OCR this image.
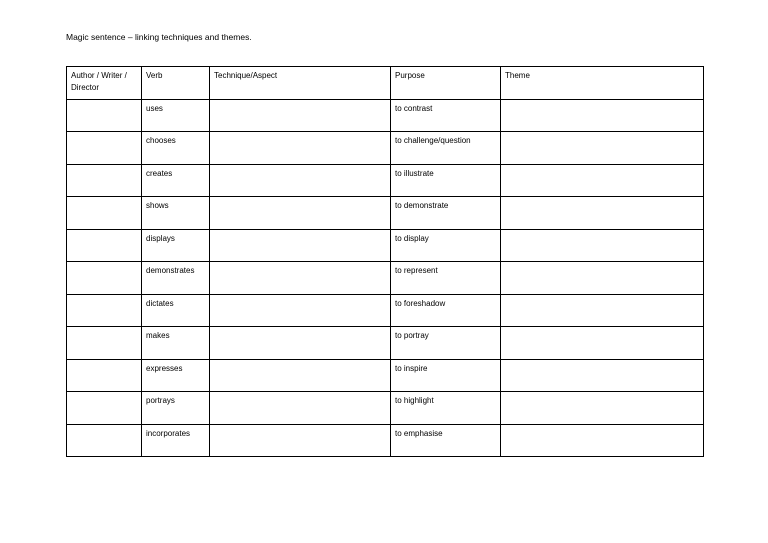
Magic sentence – linking techniques and themes.
Author / Writer / Director	Verb	Technique/Aspect	Purpose	Theme
	uses		to contrast	
	chooses		to challenge/question	
	creates		to illustrate	
	shows		to demonstrate	
	displays		to display	
	demonstrates		to represent	
	dictates		to foreshadow	
	makes		to portray	
	expresses		to inspire	
	portrays		to highlight	
	incorporates		to emphasise	
